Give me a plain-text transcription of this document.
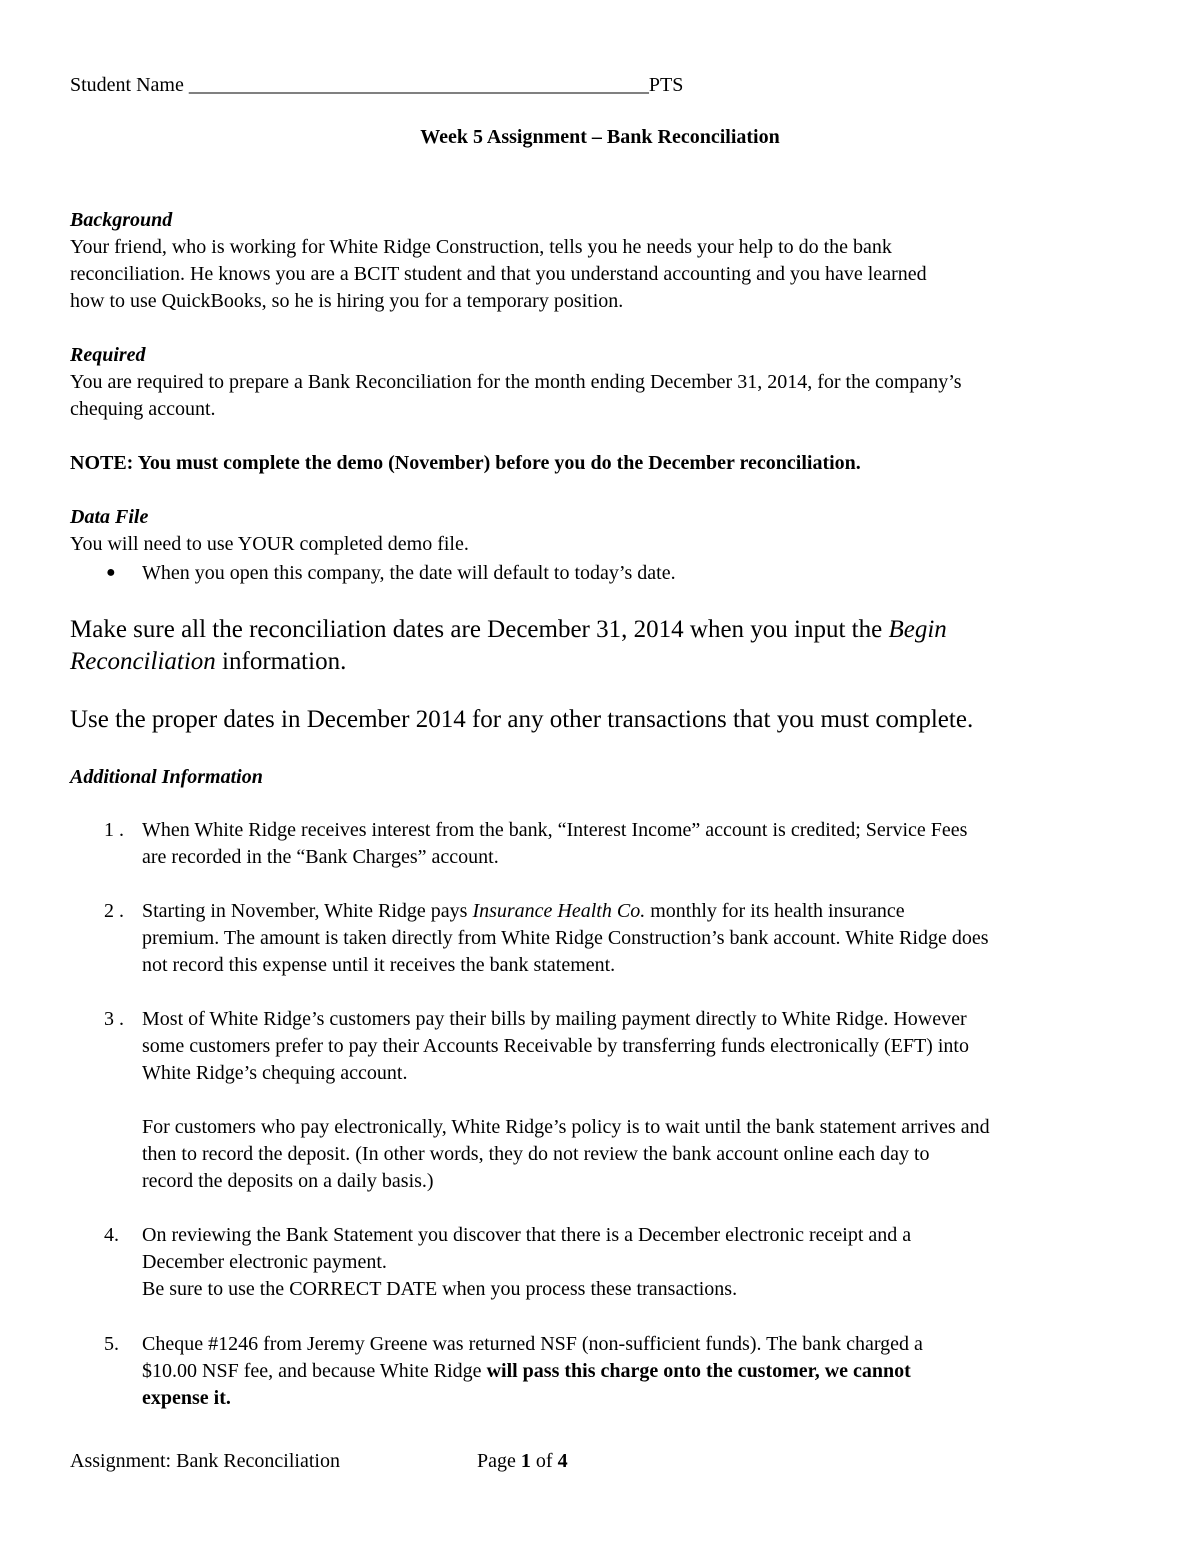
Student Name ______________________________________________PTS
Week 5 Assignment – Bank Reconciliation
Background
Your friend, who is working for White Ridge Construction, tells you he needs your help to do the bank
reconciliation. He knows you are a BCIT student and that you understand accounting and you have learned
how to use QuickBooks, so he is hiring you for a temporary position.
Required
You are required to prepare a Bank Reconciliation for the month ending December 31, 2014, for the company’s
chequing account.
NOTE: You must complete the demo (November) before you do the December reconciliation.
Data File
You will need to use YOUR completed demo file.
● When you open this company, the date will default to today’s date.
Make sure all the reconciliation dates are December 31, 2014 when you input the Begin
Reconciliation information.
Use the proper dates in December 2014 for any other transactions that you must complete.
Additional Information
1 . When White Ridge receives interest from the bank, “Interest Income” account is credited; Service Fees
are recorded in the “Bank Charges” account.
2 . Starting in November, White Ridge pays Insurance Health Co. monthly for its health insurance
premium. The amount is taken directly from White Ridge Construction’s bank account. White Ridge does
not record this expense until it receives the bank statement.
3 . Most of White Ridge’s customers pay their bills by mailing payment directly to White Ridge. However
some customers prefer to pay their Accounts Receivable by transferring funds electronically (EFT) into
White Ridge’s chequing account.
For customers who pay electronically, White Ridge’s policy is to wait until the bank statement arrives and
then to record the deposit. (In other words, they do not review the bank account online each day to
record the deposits on a daily basis.)
4. On reviewing the Bank Statement you discover that there is a December electronic receipt and a
December electronic payment.
Be sure to use the CORRECT DATE when you process these transactions.
5. Cheque #1246 from Jeremy Greene was returned NSF (non-sufficient funds). The bank charged a
$10.00 NSF fee, and because White Ridge will pass this charge onto the customer, we cannot
expense it.
Assignment: Bank Reconciliation	Page 1 of 4
